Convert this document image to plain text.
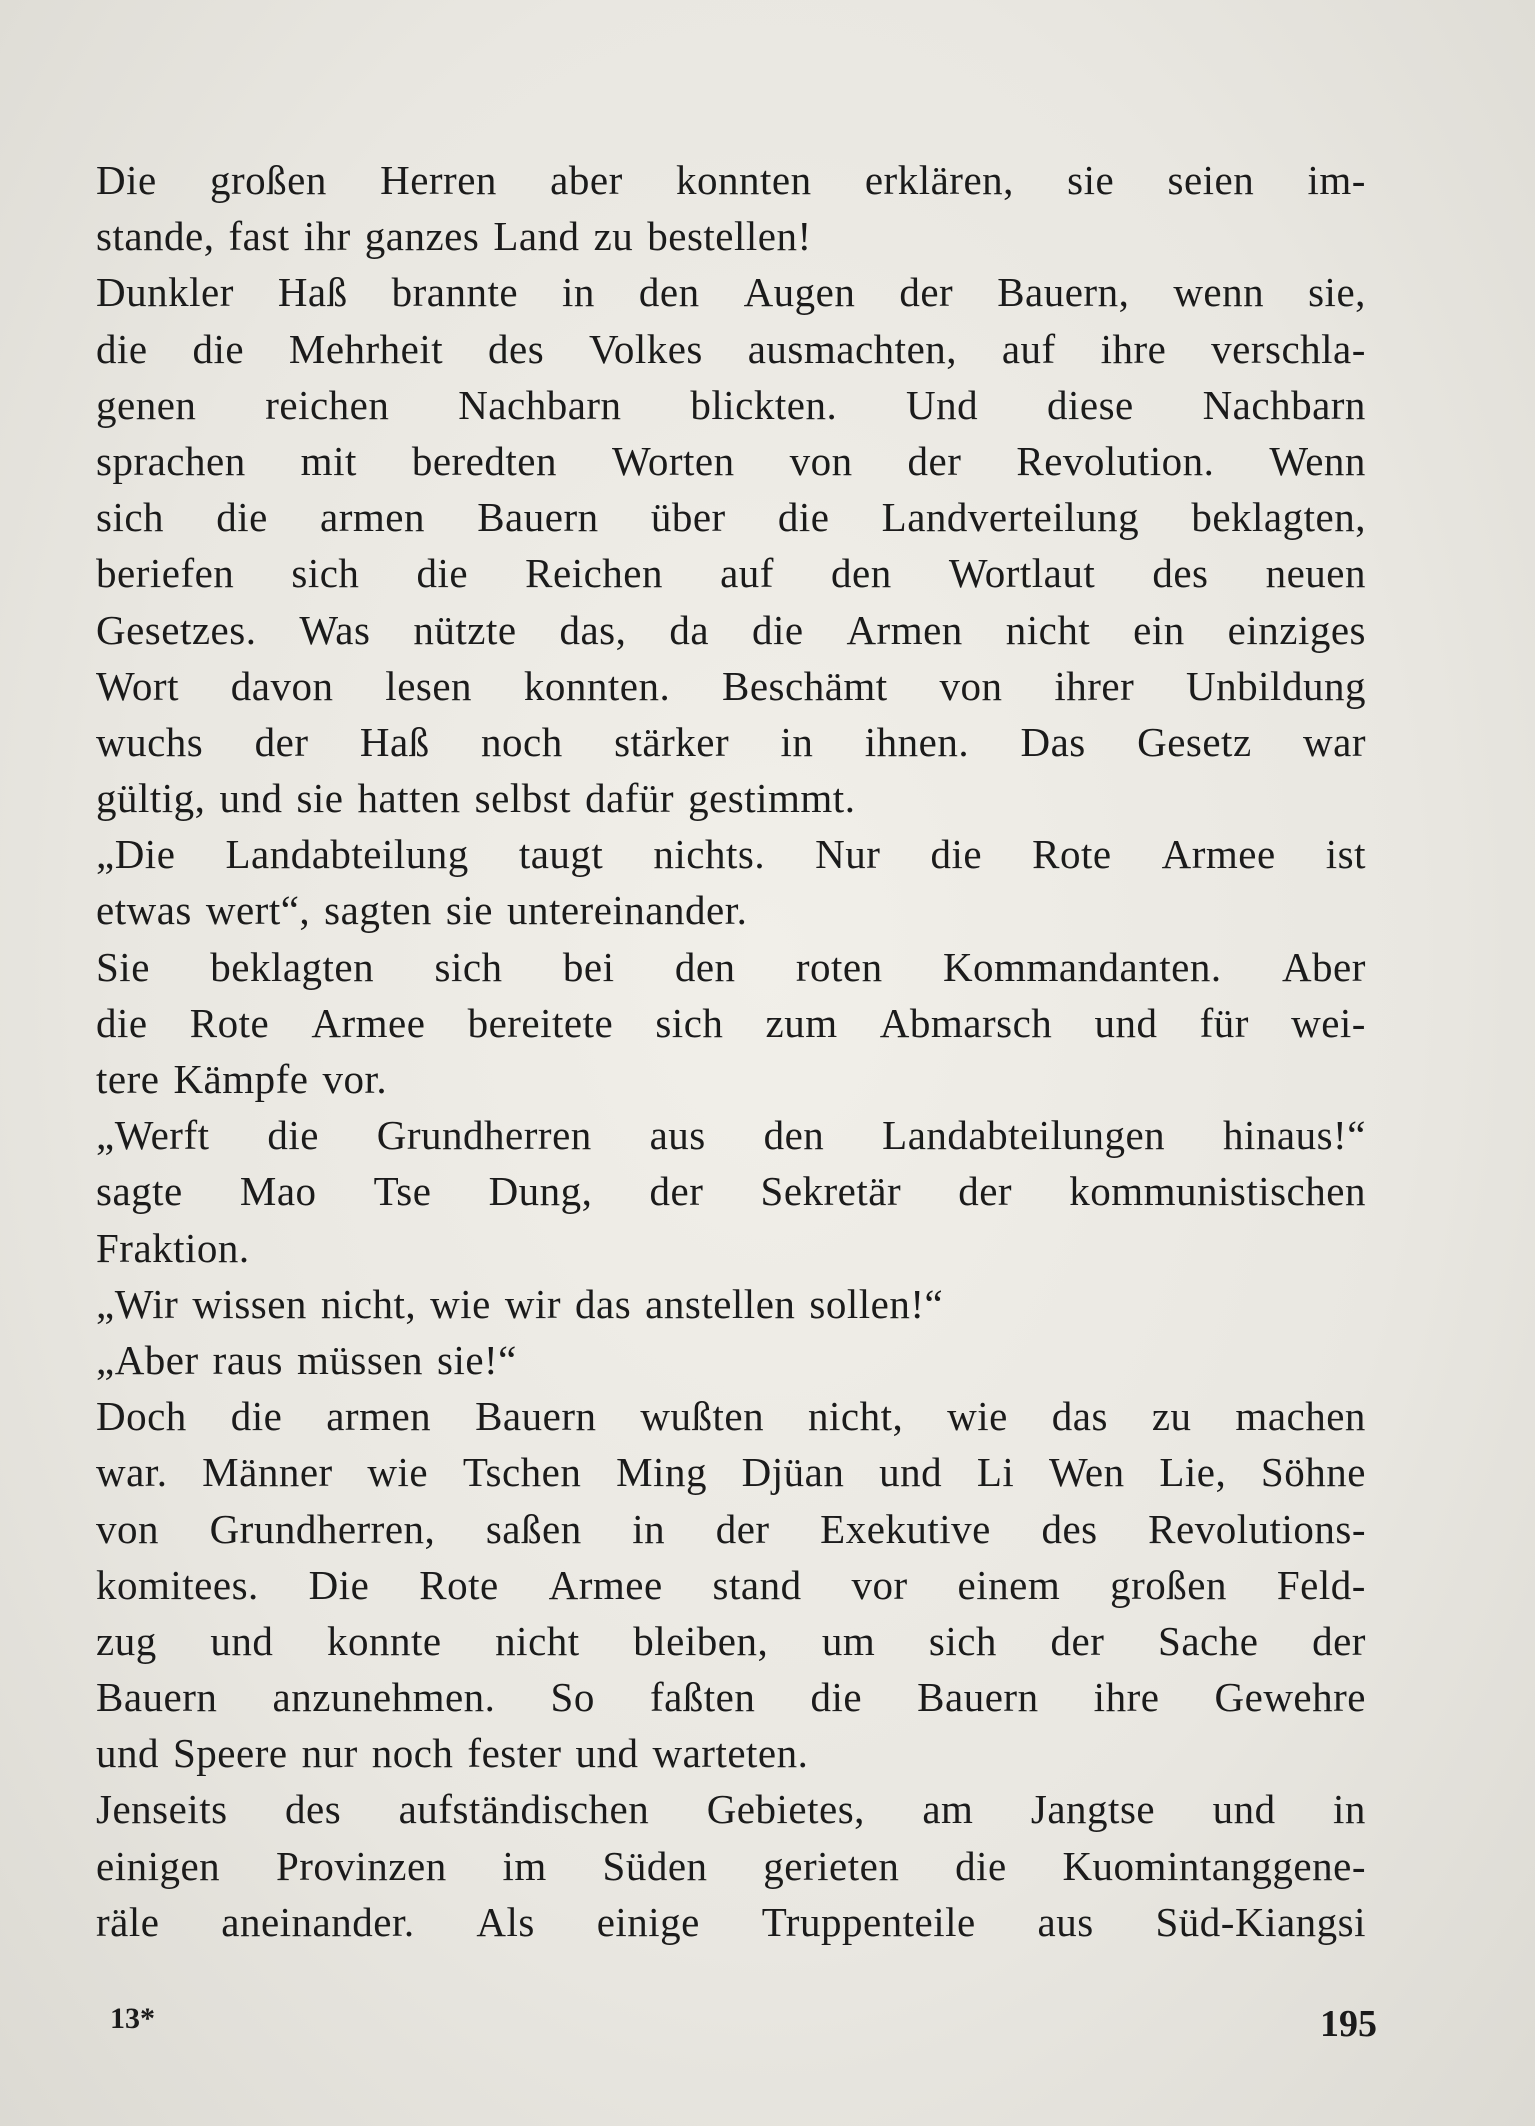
Die großen Herren aber konnten erklären, sie seien im-
stande, fast ihr ganzes Land zu bestellen!
Dunkler Haß brannte in den Augen der Bauern, wenn sie,
die die Mehrheit des Volkes ausmachten, auf ihre verschla-
genen reichen Nachbarn blickten. Und diese Nachbarn
sprachen mit beredten Worten von der Revolution. Wenn
sich die armen Bauern über die Landverteilung beklagten,
beriefen sich die Reichen auf den Wortlaut des neuen
Gesetzes. Was nützte das, da die Armen nicht ein einziges
Wort davon lesen konnten. Beschämt von ihrer Unbildung
wuchs der Haß noch stärker in ihnen. Das Gesetz war
gültig, und sie hatten selbst dafür gestimmt.
„Die Landabteilung taugt nichts. Nur die Rote Armee ist
etwas wert“, sagten sie untereinander.
Sie beklagten sich bei den roten Kommandanten. Aber
die Rote Armee bereitete sich zum Abmarsch und für wei-
tere Kämpfe vor.
„Werft die Grundherren aus den Landabteilungen hinaus!“
sagte Mao Tse Dung, der Sekretär der kommunistischen
Fraktion.
„Wir wissen nicht, wie wir das anstellen sollen!“
„Aber raus müssen sie!“
Doch die armen Bauern wußten nicht, wie das zu machen
war. Männer wie Tschen Ming Djüan und Li Wen Lie, Söhne
von Grundherren, saßen in der Exekutive des Revolutions-
komitees. Die Rote Armee stand vor einem großen Feld-
zug und konnte nicht bleiben, um sich der Sache der
Bauern anzunehmen. So faßten die Bauern ihre Gewehre
und Speere nur noch fester und warteten.
Jenseits des aufständischen Gebietes, am Jangtse und in
einigen Provinzen im Süden gerieten die Kuomintanggene-
räle aneinander. Als einige Truppenteile aus Süd-Kiangsi
13*	195
